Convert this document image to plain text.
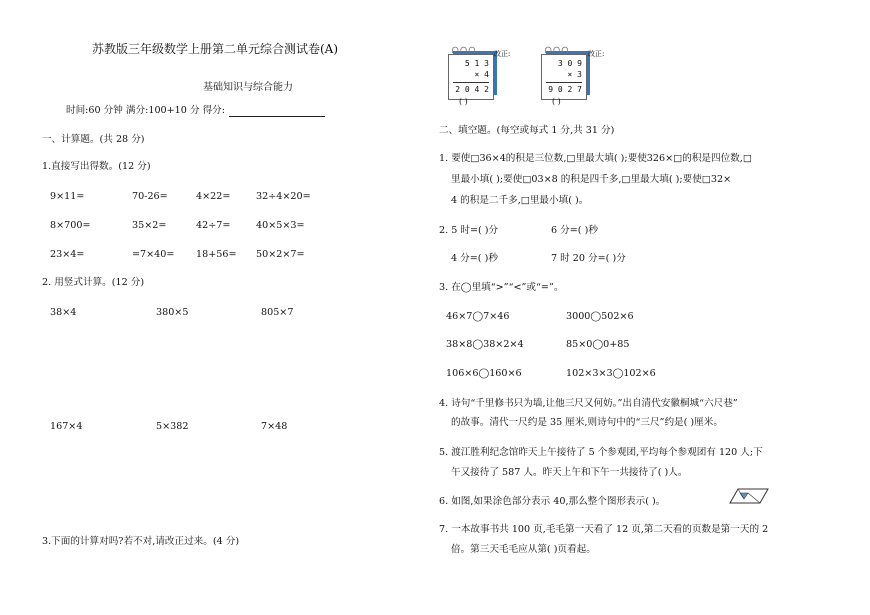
苏教版三年级数学上册第二单元综合测试卷(A)
基础知识与综合能力
时间:60 分钟 满分:100+10 分 得分:
一、计算题。(共 28 分)
1.直接写出得数。(12 分)
9×11=	70-26=	4×22=	32÷4×20=
8×700=	35×2=	42÷7=	40×5×3=
23×4=	=7×40= 18+56= 50×2×7=
2. 用竖式计算。(12 分)
38×4	380×5	805×7
167×4	5×382	7×48
3.下面的计算对吗?若不对,请改正过来。(4 分)
∩∩∩
5 1 3
× 4
2 0 4 2
( )
改正:	∩∩∩
3 0 9
× 3
9 0 2 7
( )
改正:
二、填空题。(每空或每式 1 分,共 31 分)
1. 要使□36×4的积是三位数,□里最大填( );要使326×□的积是四位数,□
里最小填( );要使□03×8 的积是四千多,□里最大填( );要使□32×
4 的积是二千多,□里最小填( )。
2. 5 时=( )分	6 分=( )秒
4 分=( )秒	7 时 20 分=( )分
3. 在◯里填“>”“<”或“=”。
46×7◯7×46	3000◯502×6
38×8◯38×2×4	85×0◯0+85
106×6◯160×6	102×3×3◯102×6
4. 诗句“千里修书只为墙,让他三尺又何妨。”出自清代安徽桐城“六尺巷”
的故事。清代一尺约是 35 厘米,则诗句中的“三尺”约是( )厘米。
5. 渡江胜利纪念馆昨天上午接待了 5 个参观团,平均每个参观团有 120 人;下
午又接待了 587 人。昨天上午和下午一共接待了( )人。
6. 如图,如果涂色部分表示 40,那么整个图形表示( )。
7. 一本故事书共 100 页,毛毛第一天看了 12 页,第二天看的页数是第一天的 2
倍。第三天毛毛应从第( )页看起。
